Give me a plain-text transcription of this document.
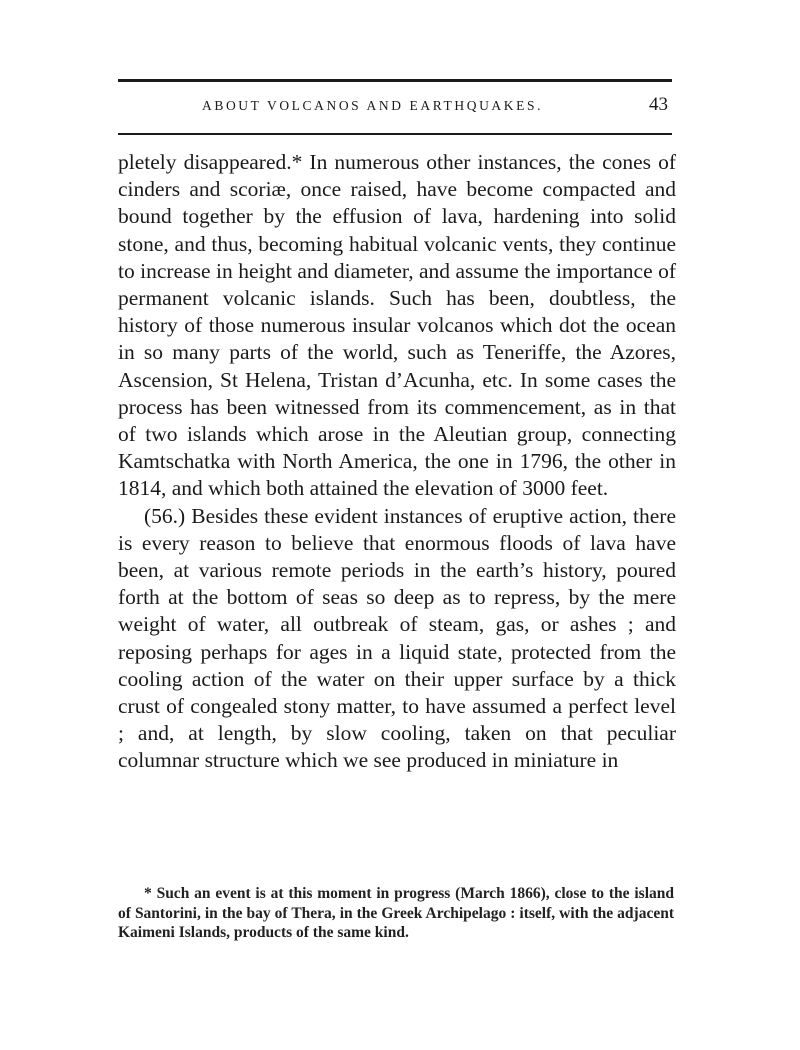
ABOUT VOLCANOS AND EARTHQUAKES.	43

pletely disappeared.* In numerous other instances, the cones of cinders and scoriæ, once raised, have become compacted and bound together by the effusion of lava, hardening into solid stone, and thus, becoming habitual volcanic vents, they continue to increase in height and diameter, and assume the importance of permanent volcanic islands. Such has been, doubtless, the history of those numerous insular volcanos which dot the ocean in so many parts of the world, such as Teneriffe, the Azores, Ascension, St Helena, Tristan d’Acunha, etc. In some cases the process has been witnessed from its commencement, as in that of two islands which arose in the Aleutian group, connecting Kamtschatka with North America, the one in 1796, the other in 1814, and which both attained the elevation of 3000 feet.

(56.) Besides these evident instances of eruptive action, there is every reason to believe that enormous floods of lava have been, at various remote periods in the earth’s history, poured forth at the bottom of seas so deep as to repress, by the mere weight of water, all outbreak of steam, gas, or ashes ; and reposing perhaps for ages in a liquid state, protected from the cooling action of the water on their upper surface by a thick crust of congealed stony matter, to have assumed a perfect level ; and, at length, by slow cooling, taken on that peculiar columnar structure which we see produced in miniature in

* Such an event is at this moment in progress (March 1866), close to the island of Santorini, in the bay of Thera, in the Greek Archipelago : itself, with the adjacent Kaimeni Islands, products of the same kind.
